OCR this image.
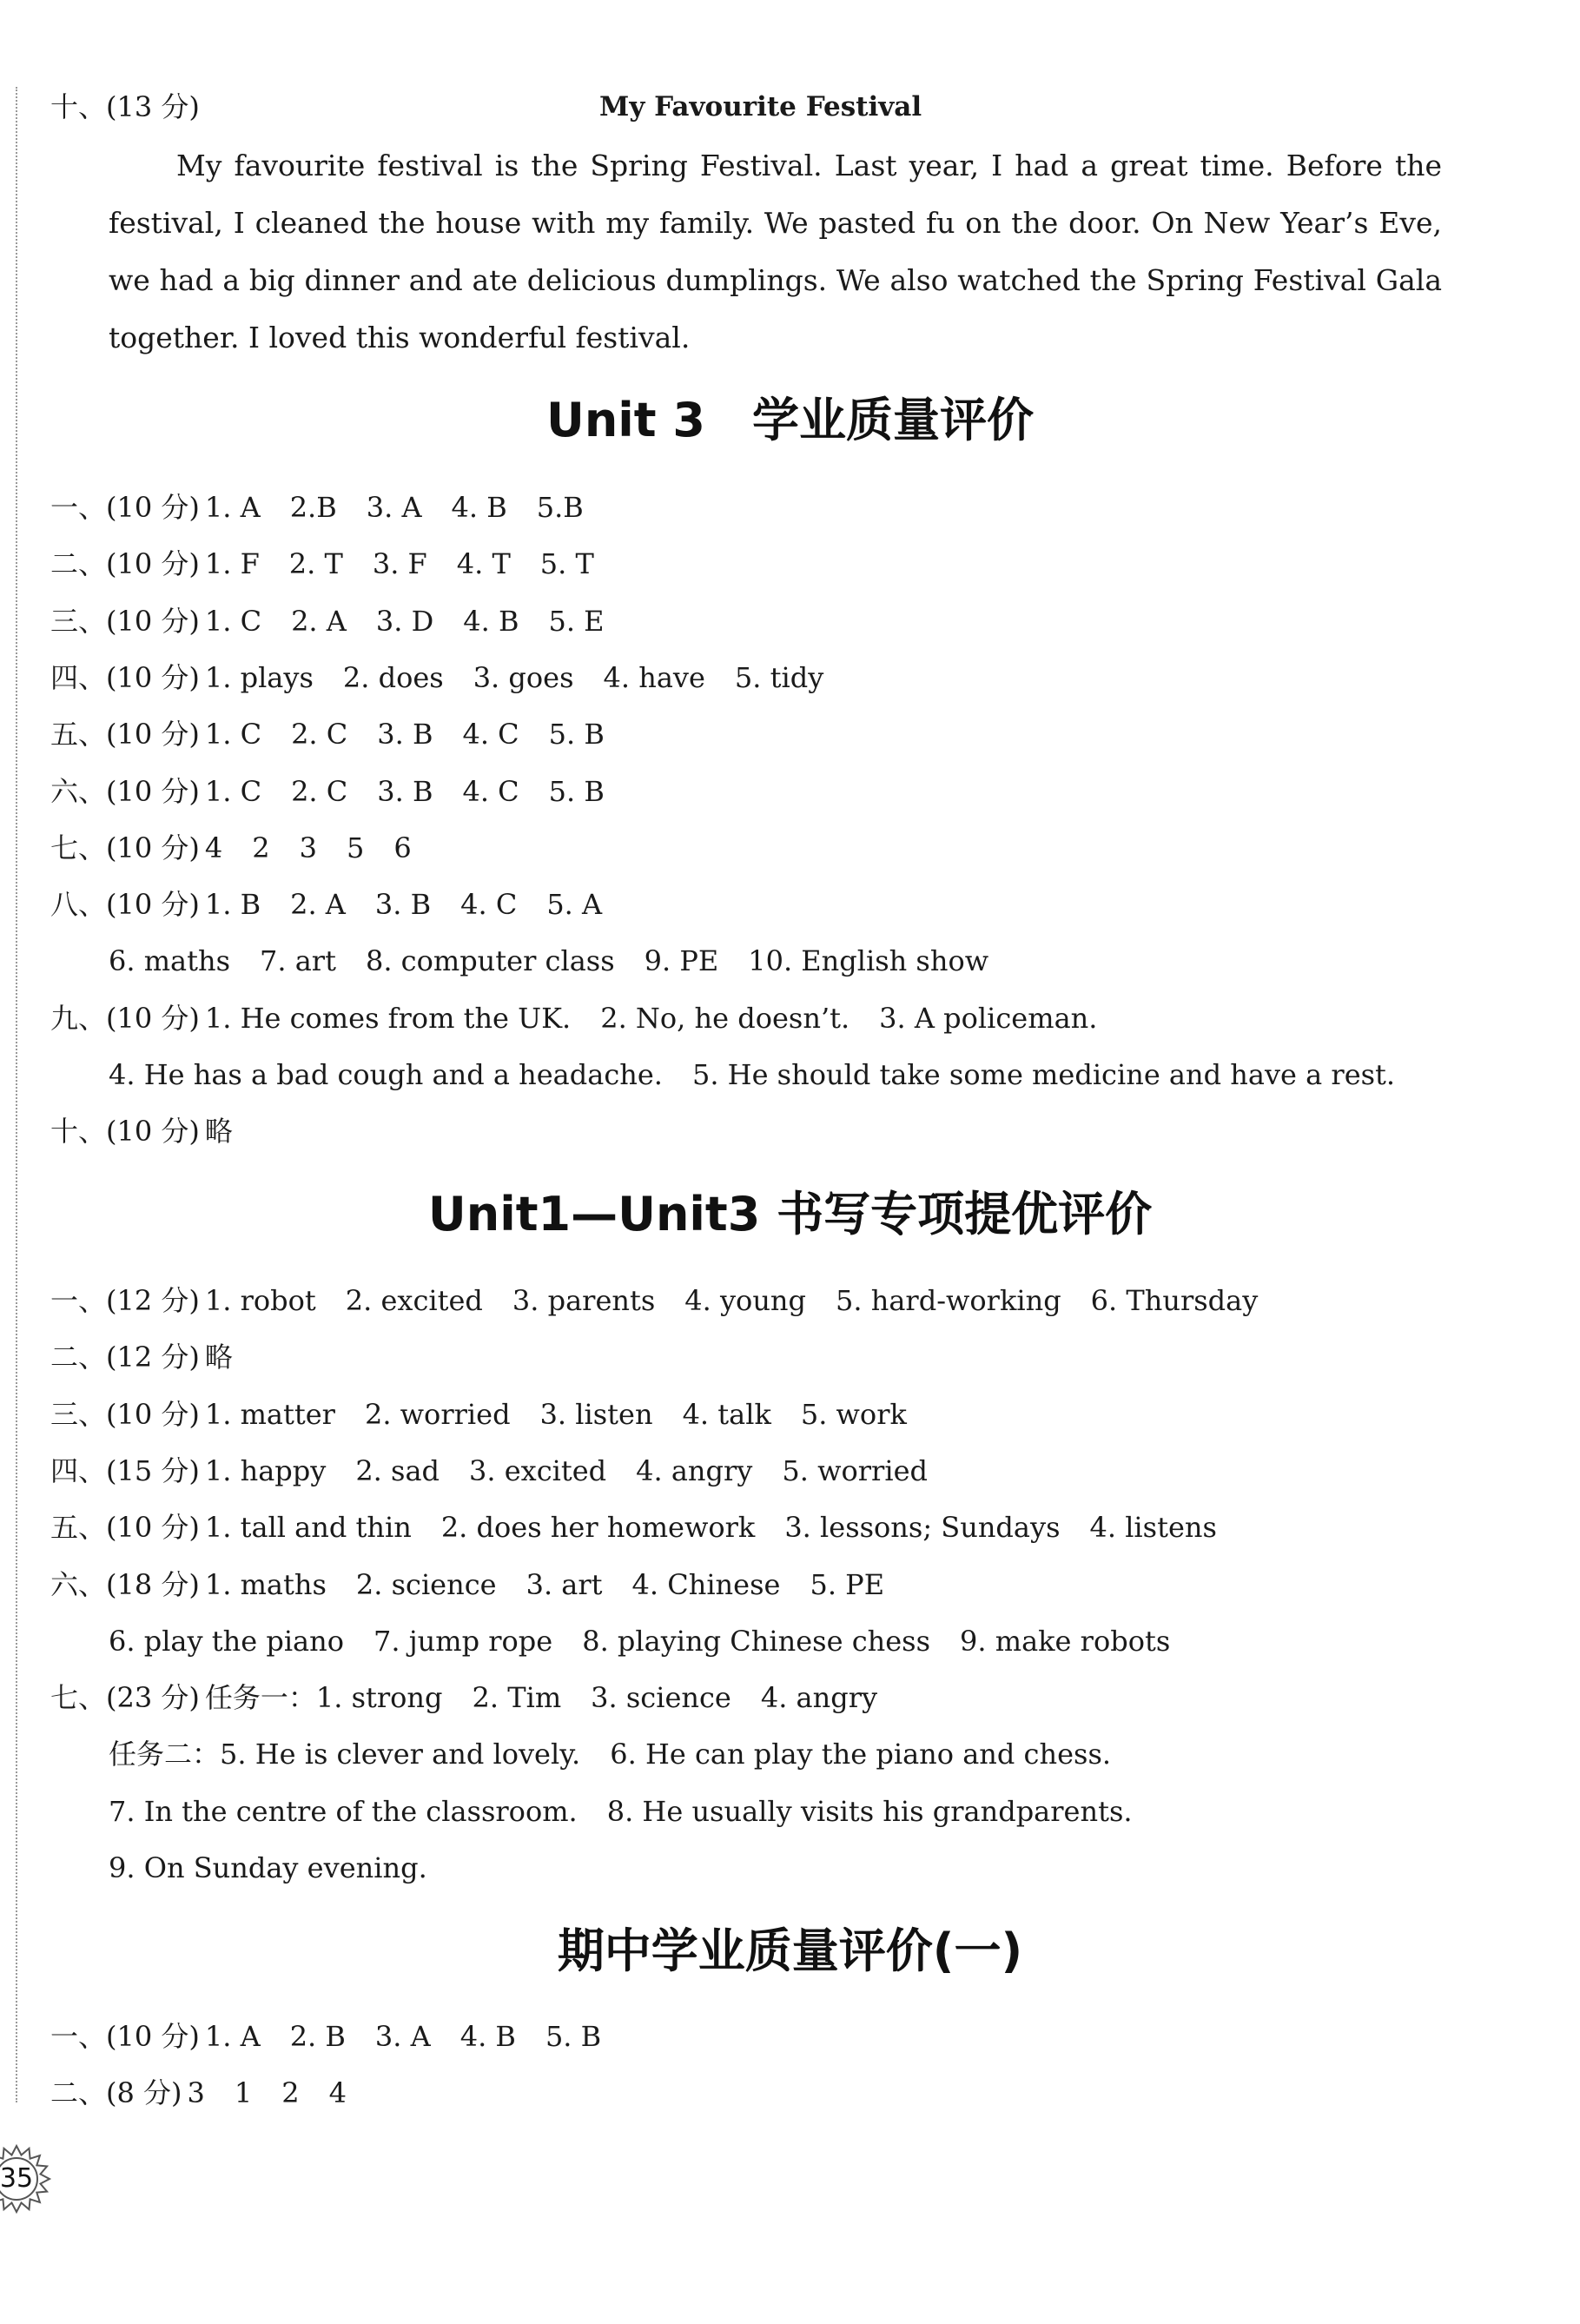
十、(13 分)	My Favourite Festival
My favourite festival is the Spring Festival. Last year, I had a great time. Before the festival, I cleaned the house with my family. We pasted fu on the door. On New Year’s Eve, we had a big dinner and ate delicious dumplings. We also watched the Spring Festival Gala together. I loved this wonderful festival.
Unit 3　学业质量评价
一、(10 分) 1. A 2.B 3. A 4. B 5.B
二、(10 分) 1. F 2. T 3. F 4. T 5. T
三、(10 分) 1. C 2. A 3. D 4. B 5. E
四、(10 分) 1. plays 2. does 3. goes 4. have 5. tidy
五、(10 分) 1. C 2. C 3. B 4. C 5. B
六、(10 分) 1. C 2. C 3. B 4. C 5. B
七、(10 分) 4 2 3 5 6
八、(10 分) 1. B 2. A 3. B 4. C 5. A
6. maths 7. art 8. computer class 9. PE 10. English show
九、(10 分) 1. He comes from the UK. 2. No, he doesn’t. 3. A policeman.
4. He has a bad cough and a headache. 5. He should take some medicine and have a rest.
十、(10 分) 略
Unit1—Unit3 书写专项提优评价
一、(12 分) 1. robot 2. excited 3. parents 4. young 5. hard-working 6. Thursday
二、(12 分) 略
三、(10 分) 1. matter 2. worried 3. listen 4. talk 5. work
四、(15 分) 1. happy 2. sad 3. excited 4. angry 5. worried
五、(10 分) 1. tall and thin 2. does her homework 3. lessons; Sundays 4. listens
六、(18 分) 1. maths 2. science 3. art 4. Chinese 5. PE
6. play the piano 7. jump rope 8. playing Chinese chess 9. make robots
七、(23 分) 任务一：1. strong 2. Tim 3. science 4. angry
任务二：5. He is clever and lovely. 6. He can play the piano and chess.
7. In the centre of the classroom. 8. He usually visits his grandparents.
9. On Sunday evening.
期中学业质量评价(一)
一、(10 分) 1. A 2. B 3. A 4. B 5. B
二、(8 分) 3 1 2 4
35
